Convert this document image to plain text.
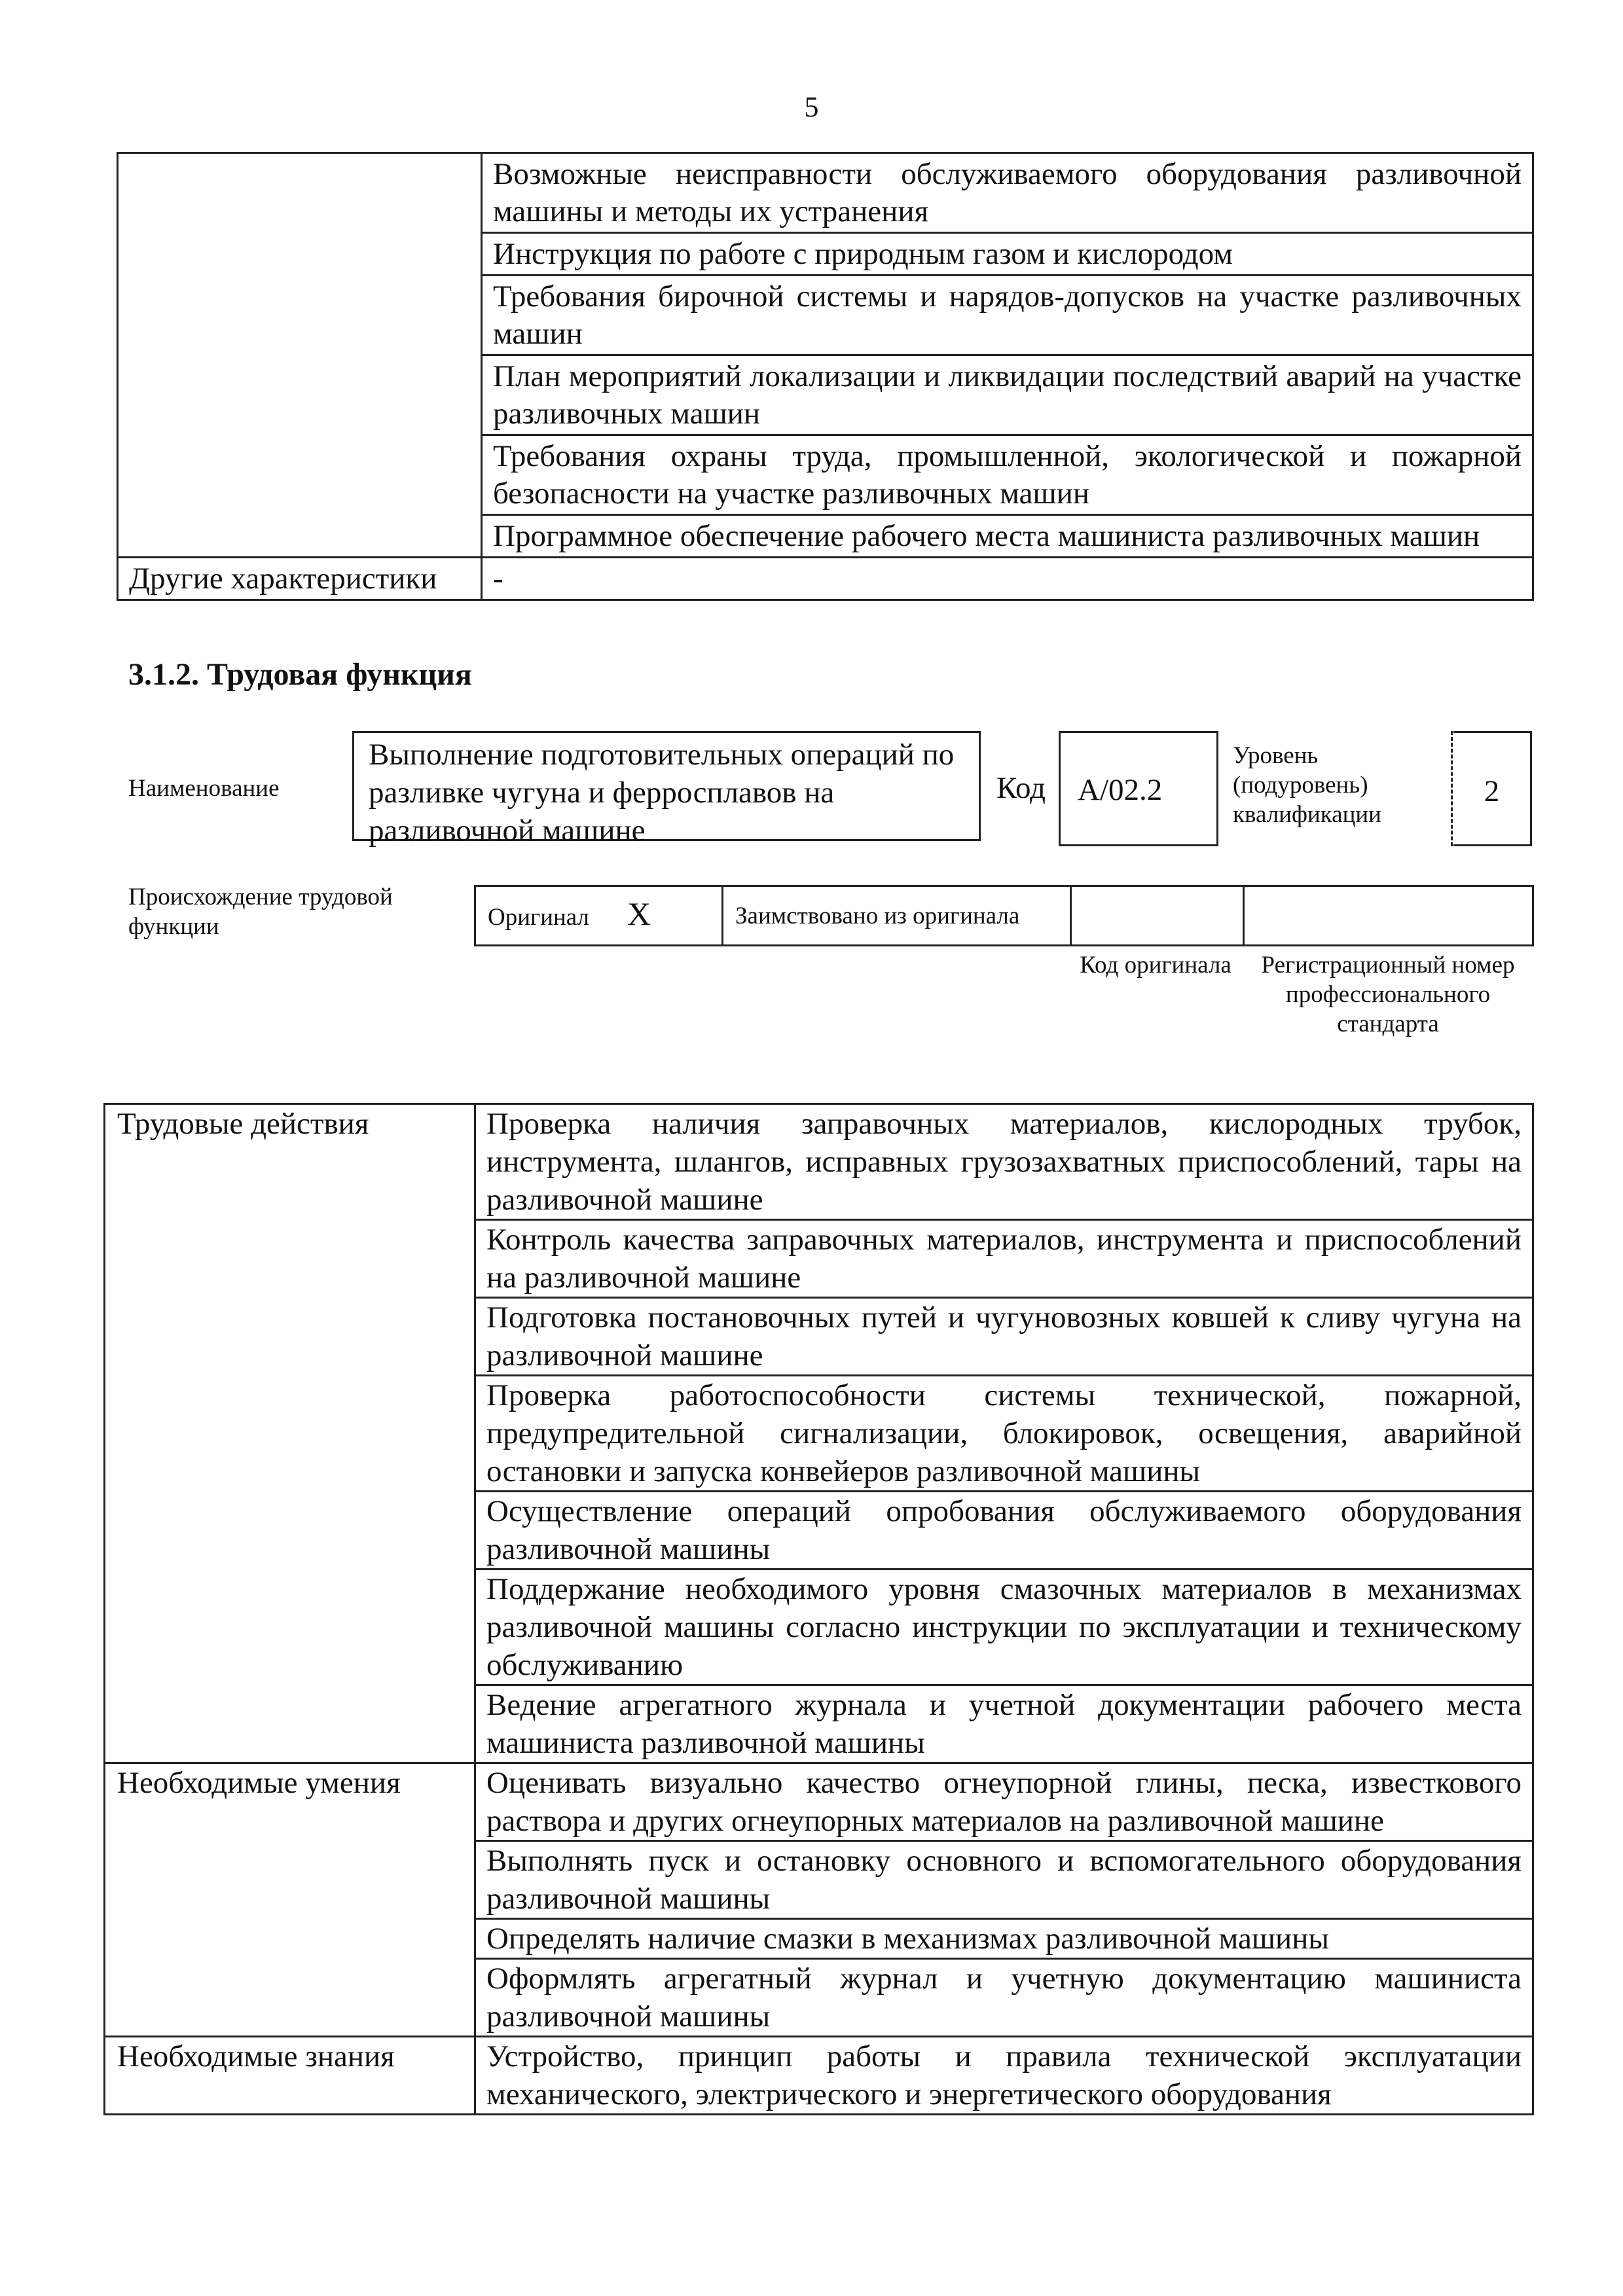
5
	Возможные неисправности обслуживаемого оборудования разливочной машины и методы их устранения
	Инструкция по работе с природным газом и кислородом
	Требования бирочной системы и нарядов-допусков на участке разливочных машин
	План мероприятий локализации и ликвидации последствий аварий на участке разливочных машин
	Требования охраны труда, промышленной, экологической и пожарной безопасности на участке разливочных машин
	Программное обеспечение рабочего места машиниста разливочных машин
Другие характеристики	-
3.1.2. Трудовая функция
Наименование
Выполнение подготовительных операций по разливке чугуна и ферросплавов на разливочной машине
Код	А/02.2
Уровень (подуровень) квалификации
2
Происхождение трудовой функции	Оригинал X	Заимствовано из оригинала		
Код оригинала	Регистрационный номер профессионального стандарта
Трудовые действия	Проверка наличия заправочных материалов, кислородных трубок, инструмента, шлангов, исправных грузозахватных приспособлений, тары на разливочной машине
	Контроль качества заправочных материалов, инструмента и приспособлений на разливочной машине
	Подготовка постановочных путей и чугуновозных ковшей к сливу чугуна на разливочной машине
	Проверка работоспособности системы технической, пожарной, предупредительной сигнализации, блокировок, освещения, аварийной остановки и запуска конвейеров разливочной машины
	Осуществление операций опробования обслуживаемого оборудования разливочной машины
	Поддержание необходимого уровня смазочных материалов в механизмах разливочной машины согласно инструкции по эксплуатации и техническому обслуживанию
	Ведение агрегатного журнала и учетной документации рабочего места машиниста разливочной машины
Необходимые умения	Оценивать визуально качество огнеупорной глины, песка, известкового раствора и других огнеупорных материалов на разливочной машине
	Выполнять пуск и остановку основного и вспомогательного оборудования разливочной машины
	Определять наличие смазки в механизмах разливочной машины
	Оформлять агрегатный журнал и учетную документацию машиниста разливочной машины
Необходимые знания	Устройство, принцип работы и правила технической эксплуатации механического, электрического и энергетического оборудования
